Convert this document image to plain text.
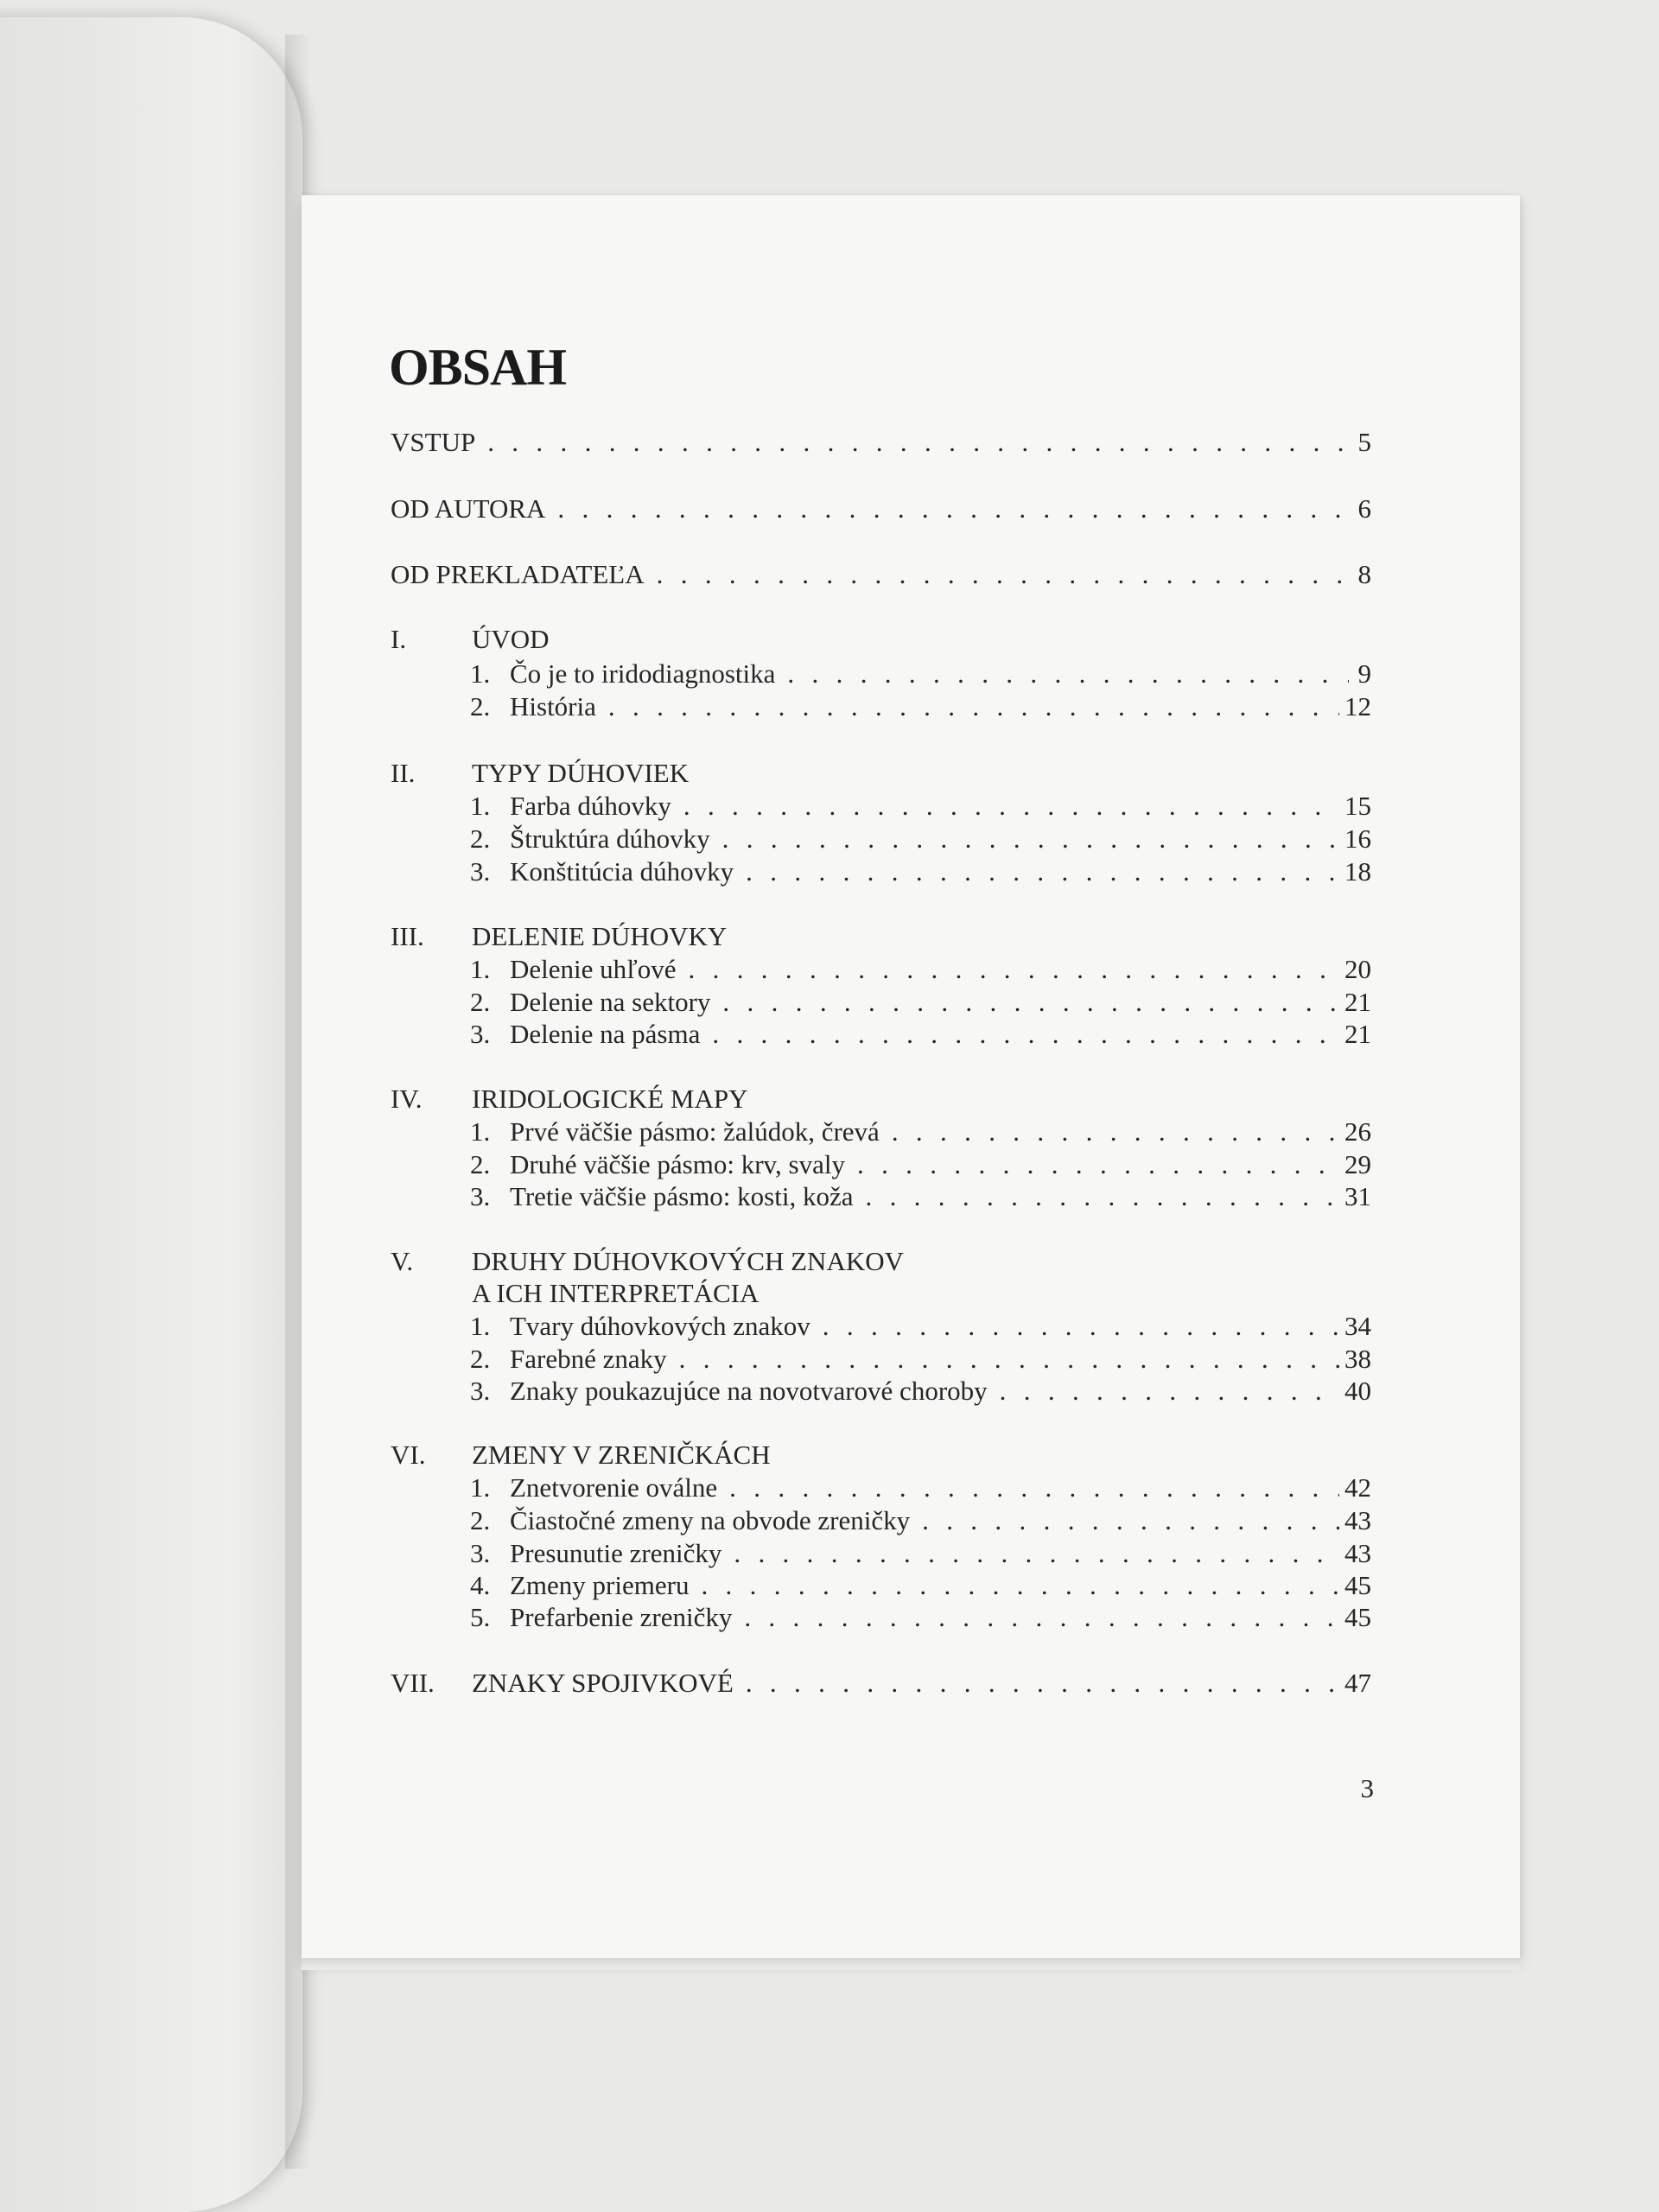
OBSAH
VSTUP . . .	5
OD AUTORA . . .	6
OD PREKLADATEĽA . . .	8
I. ÚVOD
1. Čo je to iridodiagnostika . . .	9
2. História . . .	12
II. TYPY DÚHOVIEK
1. Farba dúhovky . . .	15
2. Štruktúra dúhovky . . .	16
3. Konštitúcia dúhovky . . .	18
III. DELENIE DÚHOVKY
1. Delenie uhľové . . .	20
2. Delenie na sektory . . .	21
3. Delenie na pásma . . .	21
IV. IRIDOLOGICKÉ MAPY
1. Prvé väčšie pásmo: žalúdok, črevá . . .	26
2. Druhé väčšie pásmo: krv, svaly . . .	29
3. Tretie väčšie pásmo: kosti, koža . . .	31
V. DRUHY DÚHOVKOVÝCH ZNAKOV
A ICH INTERPRETÁCIA
1. Tvary dúhovkových znakov . . .	34
2. Farebné znaky . . .	38
3. Znaky poukazujúce na novotvarové choroby . . .	40
VI. ZMENY V ZRENIČKÁCH
1. Znetvorenie oválne . . .	42
2. Čiastočné zmeny na obvode zreničky . . .	43
3. Presunutie zreničky . . .	43
4. Zmeny priemeru . . .	45
5. Prefarbenie zreničky . . .	45
VII. ZNAKY SPOJIVKOVÉ . . .	47
3
